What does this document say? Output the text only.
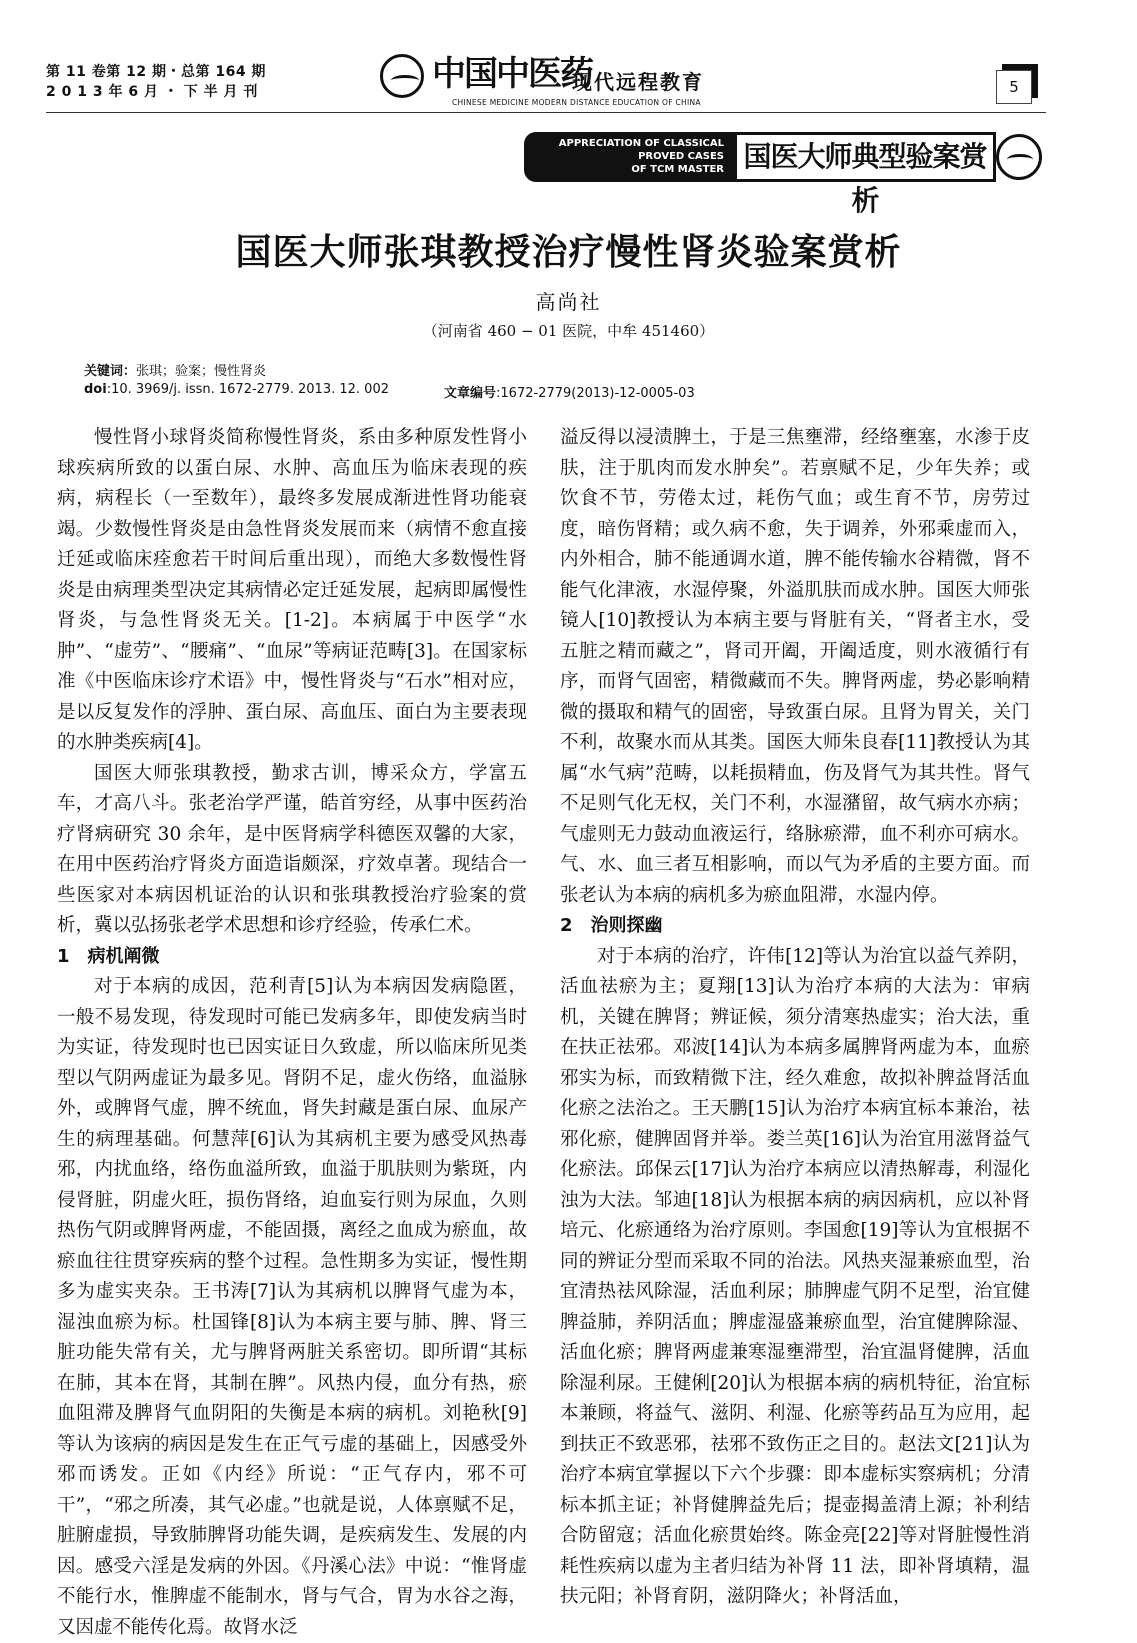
第 11 卷第 12 期・总第 164 期
2 0 1 3 年 6 月 ・ 下 半 月 刊	中国中医药
现代远程教育
CHINESE MEDICINE MODERN DISTANCE EDUCATION OF CHINA
5
APPRECIATION OF CLASSICAL
PROVED CASES
OF TCM MASTER 国医大师典型验案赏析
国医大师张琪教授治疗慢性肾炎验案赏析
高尚社
（河南省 460 − 01 医院，中牟 451460）
关键词：张琪；验案；慢性肾炎
doi:10. 3969/j. issn. 1672-2779. 2013. 12. 002	文章编号:1672-2779(2013)-12-0005-03

慢性肾小球肾炎简称慢性肾炎，系由多种原发性肾小球疾病所致的以蛋白尿、水肿、高血压为临床表现的疾病，病程长（一至数年），最终多发展成渐进性肾功能衰竭。少数慢性肾炎是由急性肾炎发展而来（病情不愈直接迁延或临床痊愈若干时间后重出现），而绝大多数慢性肾炎是由病理类型决定其病情必定迁延发展，起病即属慢性肾炎，与急性肾炎无关。[1-2]。本病属于中医学“水肿”、“虚劳”、“腰痛”、“血尿”等病证范畴[3]。在国家标准《中医临床诊疗术语》中，慢性肾炎与“石水”相对应，是以反复发作的浮肿、蛋白尿、高血压、面白为主要表现的水肿类疾病[4]。

国医大师张琪教授，勤求古训，博采众方，学富五车，才高八斗。张老治学严谨，皓首穷经，从事中医药治疗肾病研究 30 余年，是中医肾病学科德医双馨的大家，在用中医药治疗肾炎方面造诣颇深，疗效卓著。现结合一些医家对本病因机证治的认识和张琪教授治疗验案的赏析，冀以弘扬张老学术思想和诊疗经验，传承仁术。

1　病机阐微

对于本病的成因，范利青[5]认为本病因发病隐匿，一般不易发现，待发现时可能已发病多年，即使发病当时为实证，待发现时也已因实证日久致虚，所以临床所见类型以气阴两虚证为最多见。肾阴不足，虚火伤络，血溢脉外，或脾肾气虚，脾不统血，肾失封藏是蛋白尿、血尿产生的病理基础。何慧萍[6]认为其病机主要为感受风热毒邪，内扰血络，络伤血溢所致，血溢于肌肤则为紫斑，内侵肾脏，阴虚火旺，损伤肾络，迫血妄行则为尿血，久则热伤气阴或脾肾两虚，不能固摄，离经之血成为瘀血，故瘀血往往贯穿疾病的整个过程。急性期多为实证，慢性期多为虚实夹杂。王书涛[7]认为其病机以脾肾气虚为本，湿浊血瘀为标。杜国锋[8]认为本病主要与肺、脾、肾三脏功能失常有关，尤与脾肾两脏关系密切。即所谓“其标在肺，其本在肾，其制在脾”。风热内侵，血分有热，瘀血阻滞及脾肾气血阴阳的失衡是本病的病机。刘艳秋[9]等认为该病的病因是发生在正气亏虚的基础上，因感受外邪而诱发。正如《内经》所说：“正气存内，邪不可干”，“邪之所凑，其气必虚。”也就是说，人体禀赋不足，脏腑虚损，导致肺脾肾功能失调，是疾病发生、发展的内因。感受六淫是发病的外因。《丹溪心法》中说：“惟肾虚不能行水，惟脾虚不能制水，肾与气合，胃为水谷之海，又因虚不能传化焉。故肾水泛

溢反得以浸渍脾土，于是三焦壅滞，经络壅塞，水渗于皮肤，注于肌肉而发水肿矣”。若禀赋不足，少年失养；或饮食不节，劳倦太过，耗伤气血；或生育不节，房劳过度，暗伤肾精；或久病不愈，失于调养，外邪乘虚而入，内外相合，肺不能通调水道，脾不能传输水谷精微，肾不能气化津液，水湿停聚，外溢肌肤而成水肿。国医大师张镜人[10]教授认为本病主要与肾脏有关，“肾者主水，受五脏之精而藏之”，肾司开阖，开阖适度，则水液循行有序，而肾气固密，精微藏而不失。脾肾两虚，势必影响精微的摄取和精气的固密，导致蛋白尿。且肾为胃关，关门不利，故聚水而从其类。国医大师朱良春[11]教授认为其属“水气病”范畴，以耗损精血，伤及肾气为其共性。肾气不足则气化无权，关门不利，水湿潴留，故气病水亦病；气虚则无力鼓动血液运行，络脉瘀滞，血不利亦可病水。气、水、血三者互相影响，而以气为矛盾的主要方面。而张老认为本病的病机多为瘀血阻滞，水湿内停。

2　治则探幽

对于本病的治疗，许伟[12]等认为治宜以益气养阴，活血祛瘀为主；夏翔[13]认为治疗本病的大法为：审病机，关键在脾肾；辨证候，须分清寒热虚实；治大法，重在扶正祛邪。邓波[14]认为本病多属脾肾两虚为本，血瘀邪实为标，而致精微下注，经久难愈，故拟补脾益肾活血化瘀之法治之。王天鹏[15]认为治疗本病宜标本兼治，祛邪化瘀，健脾固肾并举。娄兰英[16]认为治宜用滋肾益气化瘀法。邱保云[17]认为治疗本病应以清热解毒，利湿化浊为大法。邹迪[18]认为根据本病的病因病机，应以补肾培元、化瘀通络为治疗原则。李国愈[19]等认为宜根据不同的辨证分型而采取不同的治法。风热夹湿兼瘀血型，治宜清热祛风除湿，活血利尿；肺脾虚气阴不足型，治宜健脾益肺，养阴活血；脾虚湿盛兼瘀血型，治宜健脾除湿、活血化瘀；脾肾两虚兼寒湿壅滞型，治宜温肾健脾，活血除湿利尿。王健俐[20]认为根据本病的病机特征，治宜标本兼顾，将益气、滋阴、利湿、化瘀等药品互为应用，起到扶正不致恶邪，祛邪不致伤正之目的。赵法文[21]认为治疗本病宜掌握以下六个步骤：即本虚标实察病机；分清标本抓主证；补肾健脾益先后；提壶揭盖清上源；补利结合防留寇；活血化瘀贯始终。陈金亮[22]等对肾脏慢性消耗性疾病以虚为主者归结为补肾 11 法，即补肾填精，温扶元阳；补肾育阴，滋阴降火；补肾活血，
